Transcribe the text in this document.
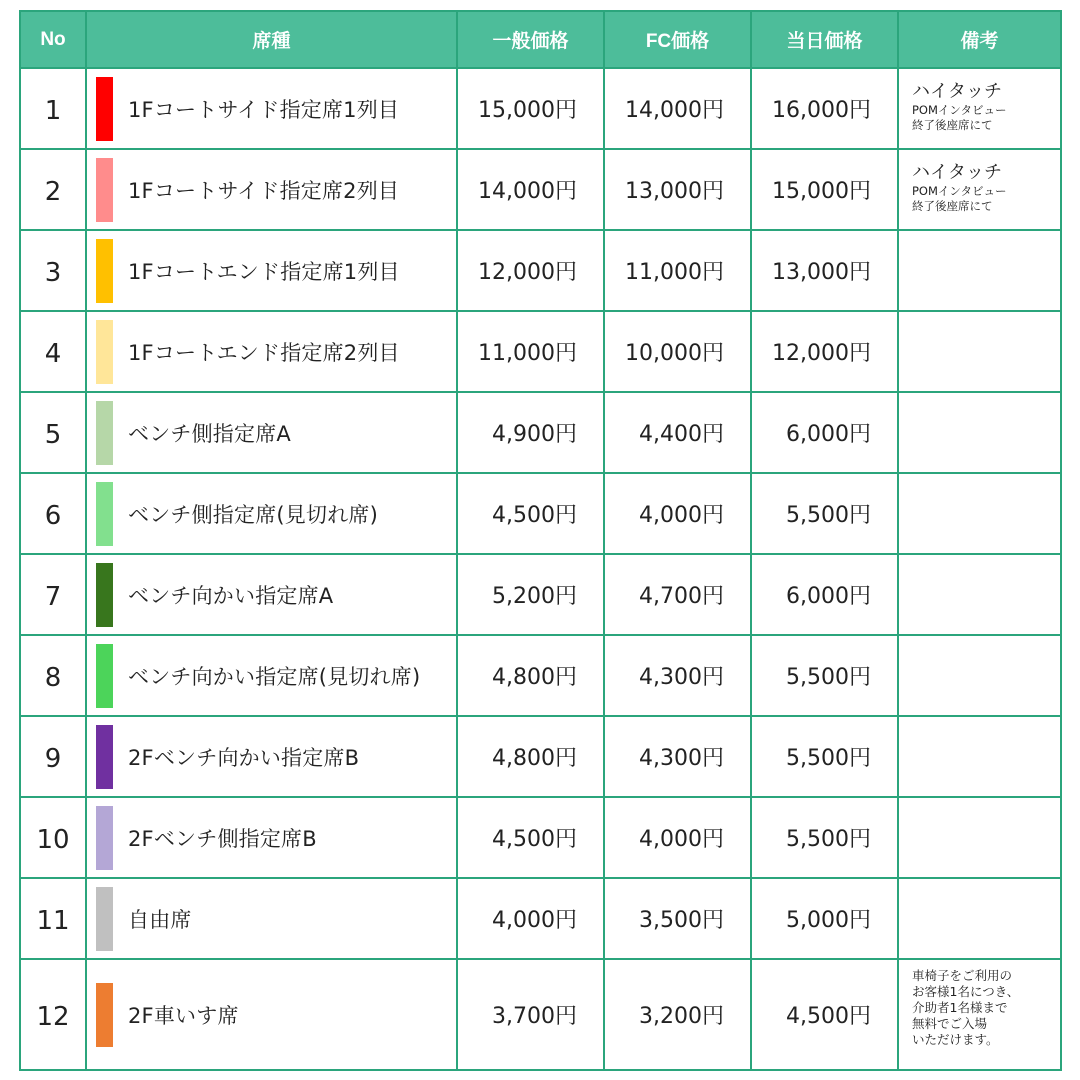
No	席種	一般価格	FC価格	当日価格	備考
1	1Fコートサイド指定席1列目	15,000円	14,000円	16,000円	ハイタッチ
POMインタビュー
終了後座席にて

2	1Fコートサイド指定席2列目	14,000円	13,000円	15,000円	ハイタッチ
POMインタビュー
終了後座席にて

3	1Fコートエンド指定席1列目	12,000円	11,000円	13,000円	
4	1Fコートエンド指定席2列目	11,000円	10,000円	12,000円	
5	ベンチ側指定席A	4,900円	4,400円	6,000円	
6	ベンチ側指定席(見切れ席)	4,500円	4,000円	5,500円	
7	ベンチ向かい指定席A	5,200円	4,700円	6,000円	
8	ベンチ向かい指定席(見切れ席)	4,800円	4,300円	5,500円	
9	2Fベンチ向かい指定席B	4,800円	4,300円	5,500円	
10	2Fベンチ側指定席B	4,500円	4,000円	5,500円	
11	自由席	4,000円	3,500円	5,000円	
12	2F車いす席	3,700円	3,200円	4,500円	車椅子をご利用の
お客様1名につき、
介助者1名様まで
無料でご入場
いただけます。
